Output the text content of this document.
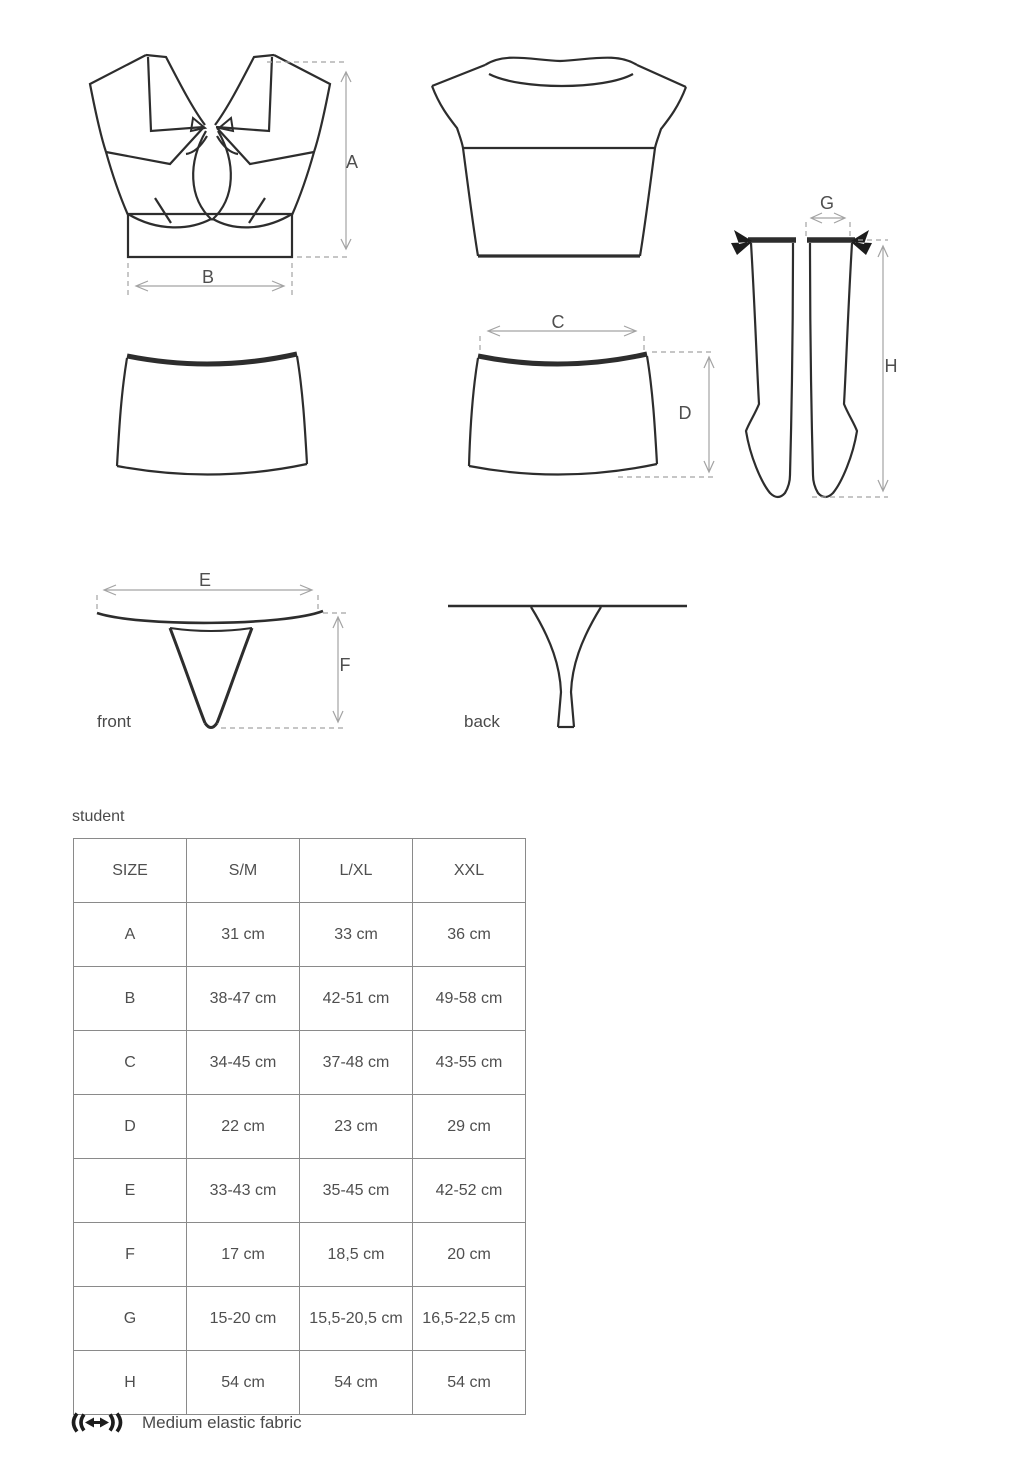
A
B
C
D
E
F
G
H
front	back
student
SIZE	S/M	L/XL	XXL
A	31 cm	33 cm	36 cm
B	38-47 cm	42-51 cm	49-58 cm
C	34-45 cm	37-48 cm	43-55 cm
D	22 cm	23 cm	29 cm
E	33-43 cm	35-45 cm	42-52 cm
F	17 cm	18,5 cm	20 cm
G	15-20 cm	15,5-20,5 cm	16,5-22,5 cm
H	54 cm	54 cm	54 cm
Medium elastic fabric
